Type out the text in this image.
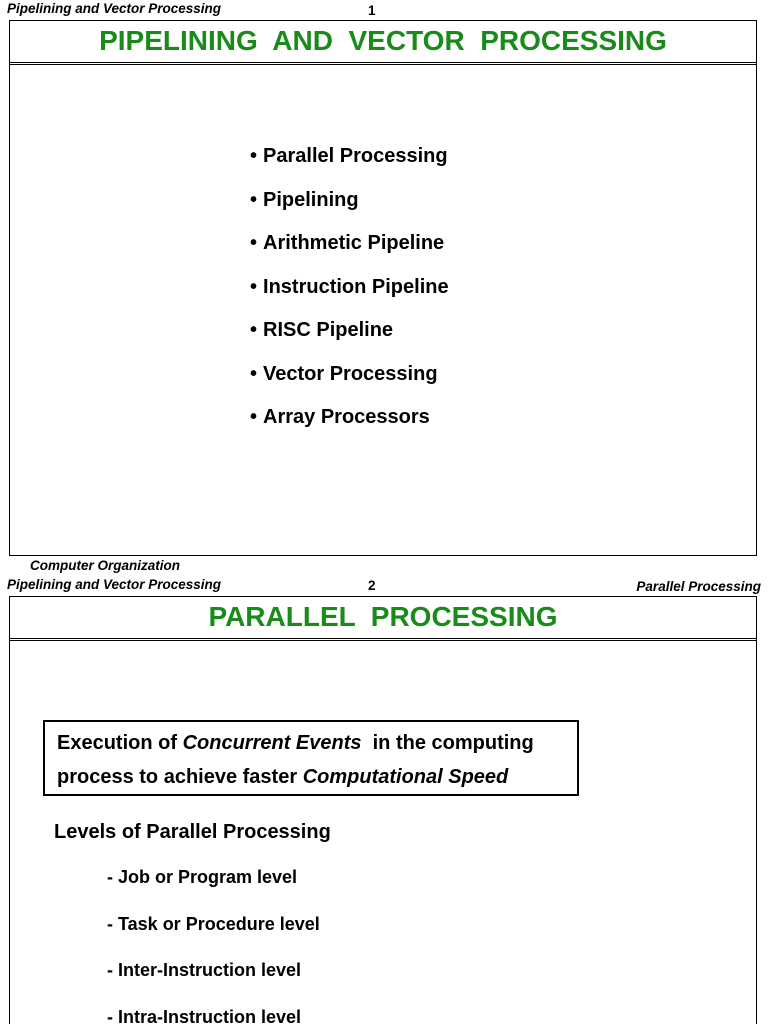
Pipelining and Vector Processing	1
PIPELINING  AND  VECTOR  PROCESSING
• Parallel Processing
• Pipelining
• Arithmetic Pipeline
• Instruction Pipeline
• RISC Pipeline
• Vector Processing
• Array Processors
Computer Organization
Pipelining and Vector Processing	2	Parallel Processing
PARALLEL  PROCESSING
Execution of Concurrent Events  in the computing
process to achieve faster Computational Speed
Levels of Parallel Processing
- Job or Program level
- Task or Procedure level
- Inter-Instruction level
- Intra-Instruction level
